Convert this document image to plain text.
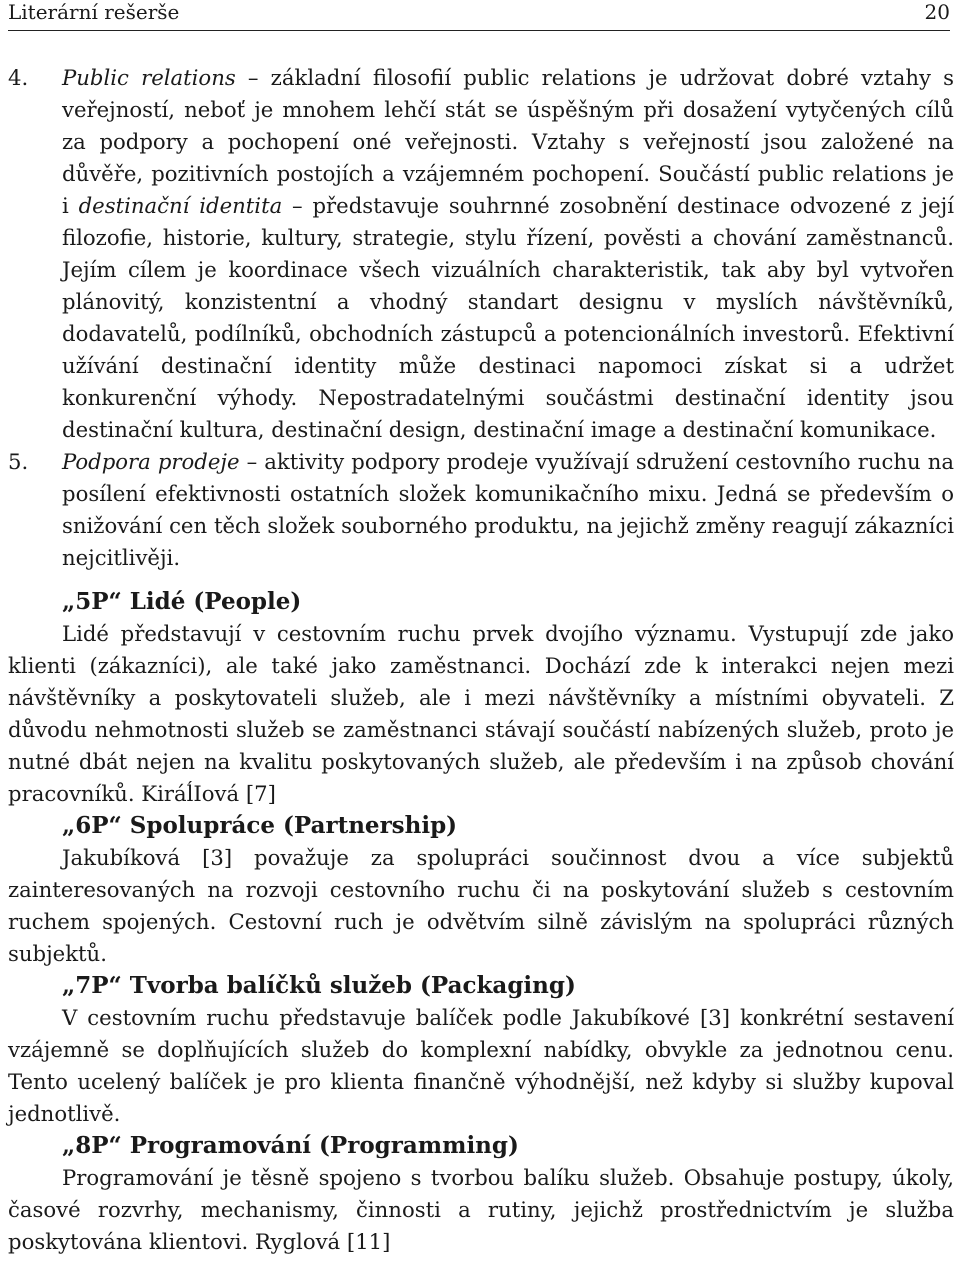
Literární rešerše	20
4.	Public relations – základní filosofií public relations je udržovat dobré vztahy s veřejností, neboť je mnohem lehčí stát se úspěšným při dosažení vytyčených cílů za podpory a pochopení oné veřejnosti. Vztahy s veřejností jsou založené na důvěře, pozitivních postojích a vzájemném pochopení. Součástí public relations je i destinační identita – představuje souhrnné zosobnění destinace odvozené z její filozofie, historie, kultury, strategie, stylu řízení, pověsti a chování zaměstnanců. Jejím cílem je koordinace všech vizuálních charakteristik, tak aby byl vytvořen plánovitý, konzistentní a vhodný standart designu v myslích návštěvníků, dodavatelů, podílníků, obchodních zástupců a potencionálních investorů. Efektivní užívání destinační identity může destinaci napomoci získat si a udržet konkurenční výhody. Nepostradatelnými součástmi destinační identity jsou destinační kultura, destinační design, destinační image a destinační komunikace.
5.	Podpora prodeje – aktivity podpory prodeje využívají sdružení cestovního ruchu na posílení efektivnosti ostatních složek komunikačního mixu. Jedná se především o snižování cen těch složek souborného produktu, na jejichž změny reagují zákazníci nejcitlivěji.
„5P“ Lidé (People)

Lidé představují v cestovním ruchu prvek dvojího významu. Vystupují zde jako klienti (zákazníci), ale také jako zaměstnanci. Dochází zde k interakci nejen mezi návštěvníky a poskytovateli služeb, ale i mezi návštěvníky a místními obyvateli. Z důvodu nehmotnosti služeb se zaměstnanci stávají součástí nabízených služeb, proto je nutné dbát nejen na kvalitu poskytovaných služeb, ale především i na způsob chování pracovníků. KiráĺIová [7]

„6P“ Spolupráce (Partnership)

Jakubíková [3] považuje za spolupráci součinnost dvou a více subjektů zainteresovaných na rozvoji cestovního ruchu či na poskytování služeb s cestovním ruchem spojených. Cestovní ruch je odvětvím silně závislým na spolupráci různých subjektů.

„7P“ Tvorba balíčků služeb (Packaging)

V cestovním ruchu představuje balíček podle Jakubíkové [3] konkrétní sestavení vzájemně se doplňujících služeb do komplexní nabídky, obvykle za jednotnou cenu. Tento ucelený balíček je pro klienta finančně výhodnější, než kdyby si služby kupoval jednotlivě.

„8P“ Programování (Programming)

Programování je těsně spojeno s tvorbou balíku služeb. Obsahuje postupy, úkoly, časové rozvrhy, mechanismy, činnosti a rutiny, jejichž prostřednictvím je služba poskytována klientovi. Ryglová [11]
